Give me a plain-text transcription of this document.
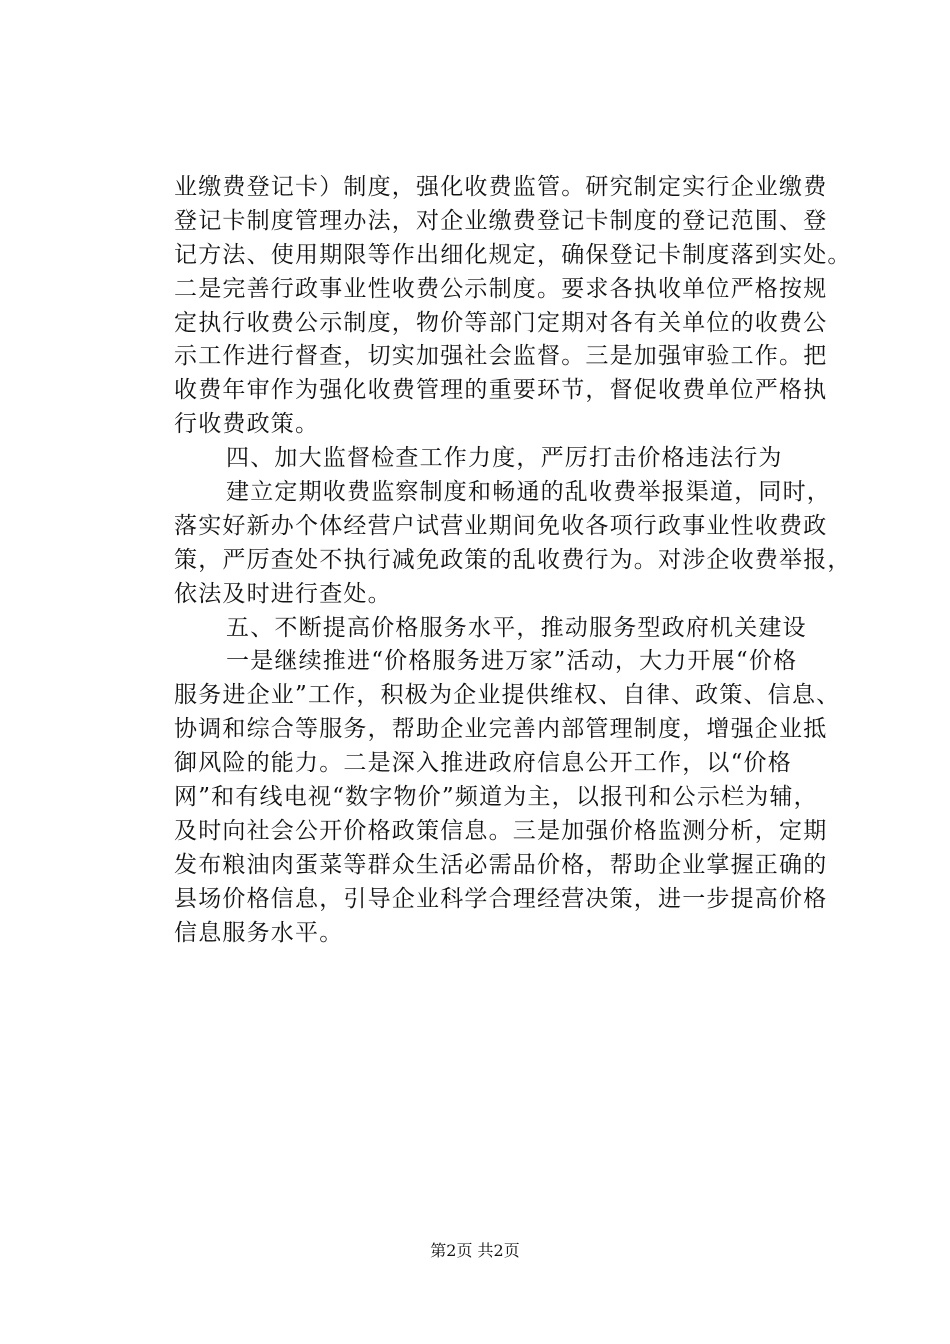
业缴费登记卡）制度，强化收费监管。研究制定实行企业缴费
登记卡制度管理办法，对企业缴费登记卡制度的登记范围、登
记方法、使用期限等作出细化规定，确保登记卡制度落到实处。
二是完善行政事业性收费公示制度。要求各执收单位严格按规
定执行收费公示制度，物价等部门定期对各有关单位的收费公
示工作进行督查，切实加强社会监督。三是加强审验工作。把
收费年审作为强化收费管理的重要环节，督促收费单位严格执
行收费政策。
四、加大监督检查工作力度，严厉打击价格违法行为
建立定期收费监察制度和畅通的乱收费举报渠道，同时，
落实好新办个体经营户试营业期间免收各项行政事业性收费政
策，严厉查处不执行减免政策的乱收费行为。对涉企收费举报，
依法及时进行查处。
五、不断提高价格服务水平，推动服务型政府机关建设
一是继续推进“价格服务进万家”活动，大力开展“价格
服务进企业”工作，积极为企业提供维权、自律、政策、信息、
协调和综合等服务，帮助企业完善内部管理制度，增强企业抵
御风险的能力。二是深入推进政府信息公开工作，以“价格
网”和有线电视“数字物价”频道为主，以报刊和公示栏为辅，
及时向社会公开价格政策信息。三是加强价格监测分析，定期
发布粮油肉蛋菜等群众生活必需品价格，帮助企业掌握正确的
县场价格信息，引导企业科学合理经营决策，进一步提高价格
信息服务水平。
第2页 共2页
